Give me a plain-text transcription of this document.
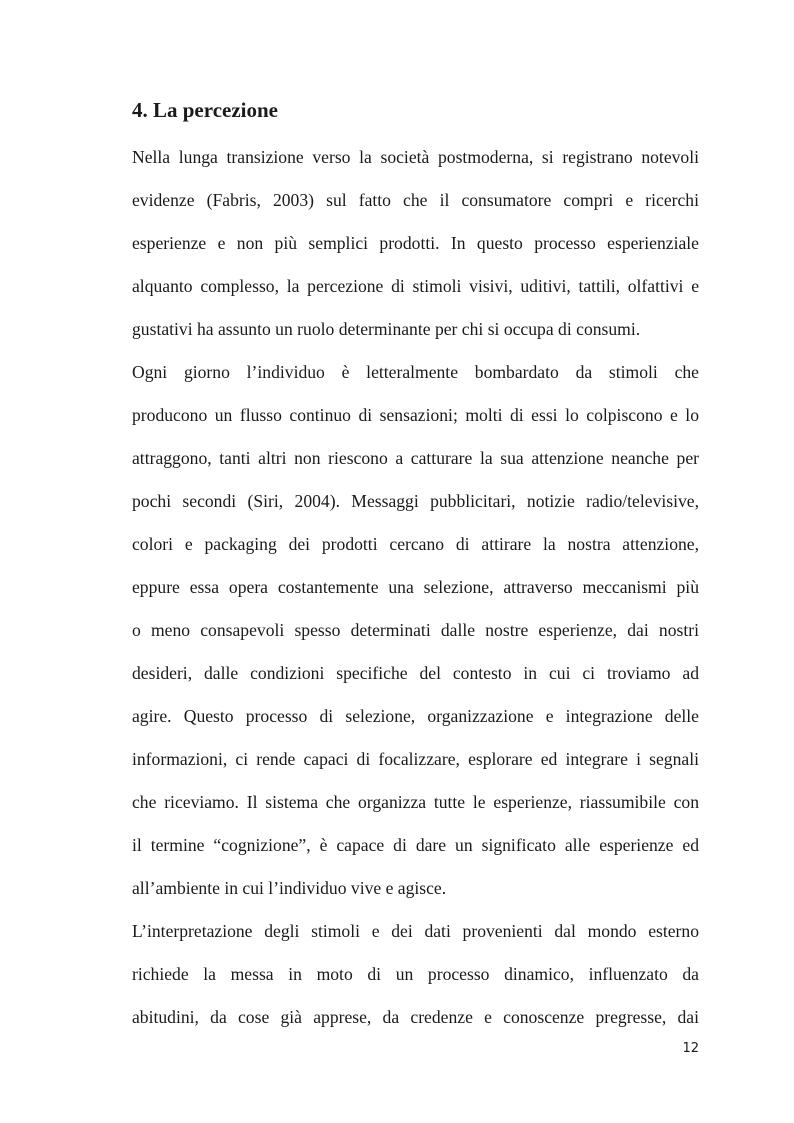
4. La percezione
Nella lunga transizione verso la società postmoderna, si registrano notevoli
evidenze (Fabris, 2003) sul fatto che il consumatore compri e ricerchi
esperienze e non più semplici prodotti. In questo processo esperienziale
alquanto complesso, la percezione di stimoli visivi, uditivi, tattili, olfattivi e
gustativi ha assunto un ruolo determinante per chi si occupa di consumi.
Ogni giorno l’individuo è letteralmente bombardato da stimoli che
producono un flusso continuo di sensazioni; molti di essi lo colpiscono e lo
attraggono, tanti altri non riescono a catturare la sua attenzione neanche per
pochi secondi (Siri, 2004). Messaggi pubblicitari, notizie radio/televisive,
colori e packaging dei prodotti cercano di attirare la nostra attenzione,
eppure essa opera costantemente una selezione, attraverso meccanismi più
o meno consapevoli spesso determinati dalle nostre esperienze, dai nostri
desideri, dalle condizioni specifiche del contesto in cui ci troviamo ad
agire. Questo processo di selezione, organizzazione e integrazione delle
informazioni, ci rende capaci di focalizzare, esplorare ed integrare i segnali
che riceviamo. Il sistema che organizza tutte le esperienze, riassumibile con
il termine “cognizione”, è capace di dare un significato alle esperienze ed
all’ambiente in cui l’individuo vive e agisce.
L’interpretazione degli stimoli e dei dati provenienti dal mondo esterno
richiede la messa in moto di un processo dinamico, influenzato da
abitudini, da cose già apprese, da credenze e conoscenze pregresse, dai
12
